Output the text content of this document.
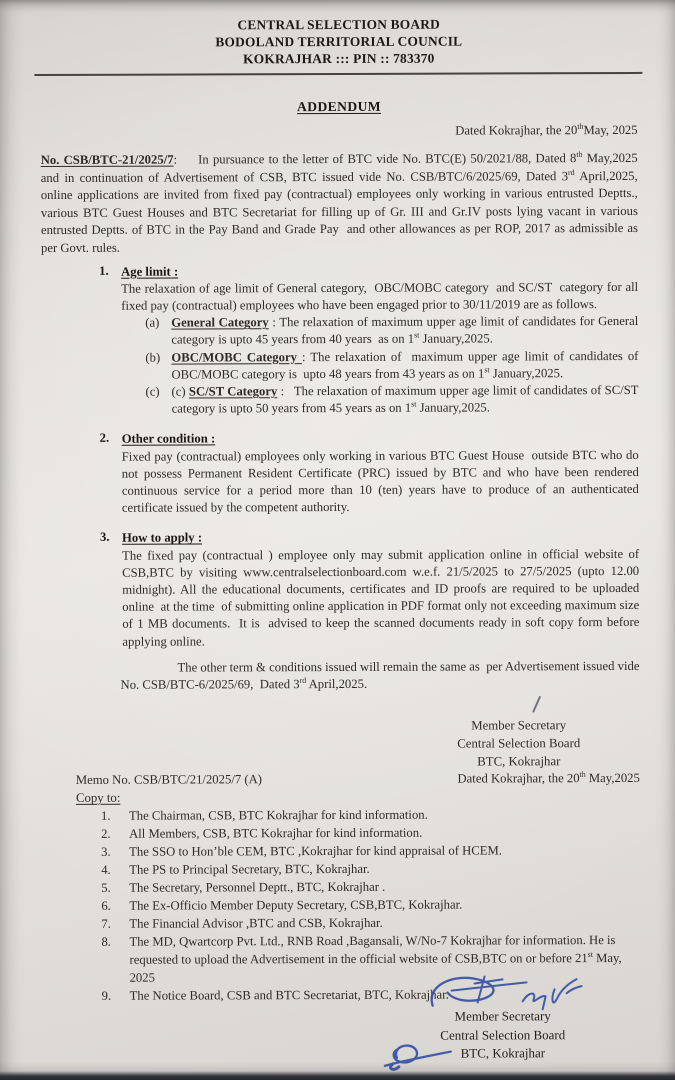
CENTRAL SELECTION BOARD
BODOLAND TERRITORIAL COUNCIL
KOKRAJHAR ::: PIN :: 783370
ADDENDUM
Dated Kokrajhar, the 20thMay, 2025
No. CSB/BTC-21/2025/7:     In pursuance to the letter of BTC vide No. BTC(E) 50/2021/88, Dated 8th May,2025 and in continuation of Advertisement of CSB, BTC issued vide No. CSB/BTC/6/2025/69, Dated 3rd April,2025, online applications are invited from fixed pay (contractual) employees only working in various entrusted Deptts., various BTC Guest Houses and BTC Secretariat for filling up of Gr. III and Gr.IV posts lying vacant in various entrusted Deptts. of BTC in the Pay Band and Grade Pay  and other allowances as per ROP, 2017 as admissible as per Govt. rules.
1. Age limit :
The relaxation of age limit of General category,  OBC/MOBC category  and SC/ST  category for all fixed pay (contractual) employees who have been engaged prior to 30/11/2019 are as follows.
(a) General Category : The relaxation of maximum upper age limit of candidates for General category is upto 45 years from 40 years  as on 1st January,2025.
(b) OBC/MOBC Category : The relaxation of  maximum upper age limit of candidates of OBC/MOBC category is  upto 48 years from 43 years as on 1st January,2025.
(c) (c) SC/ST Category :   The relaxation of maximum upper age limit of candidates of SC/ST category is upto 50 years from 45 years as on 1st January,2025.
2. Other condition :
Fixed pay (contractual) employees only working in various BTC Guest House  outside BTC who do not possess Permanent Resident Certificate (PRC) issued by BTC and who have been rendered continuous service for a period more than 10 (ten) years have to produce of an authenticated certificate issued by the competent authority.
3. How to apply :
The fixed pay (contractual ) employee only may submit application online in official website of CSB,BTC by visiting www.centralselectionboard.com w.e.f. 21/5/2025 to 27/5/2025 (upto 12.00 midnight). All the educational documents, certificates and ID proofs are required to be uploaded online  at the time  of submitting online application in PDF format only not exceeding maximum size of 1 MB documents.  It is  advised to keep the scanned documents ready in soft copy form before applying online.
The other term & conditions issued will remain the same as  per Advertisement issued vide No. CSB/BTC-6/2025/69,  Dated 3rd April,2025.
Member Secretary
Central Selection Board
BTC, Kokrajhar
Memo No. CSB/BTC/21/2025/7 (A)	Dated Kokrajhar, the 20th May,2025
Copy to:
1.	The Chairman, CSB, BTC Kokrajhar for kind information.
2.	All Members, CSB, BTC Kokrajhar for kind information.
3.	The SSO to Hon’ble CEM, BTC ,Kokrajhar for kind appraisal of HCEM.
4.	The PS to Principal Secretary, BTC, Kokrajhar.
5.	The Secretary, Personnel Deptt., BTC, Kokrajhar .
6.	The Ex-Officio Member Deputy Secretary, CSB,BTC, Kokrajhar.
7.	The Financial Advisor ,BTC and CSB, Kokrajhar.
8.	The MD, Qwartcorp Pvt. Ltd., RNB Road ,Bagansali, W/No-7 Kokrajhar for information. He is requested to upload the Advertisement in the official website of CSB,BTC on or before 21st May, 2025
9.	The Notice Board, CSB and BTC Secretariat, BTC, Kokrajhar.
Member Secretary
Central Selection Board
BTC, Kokrajhar
